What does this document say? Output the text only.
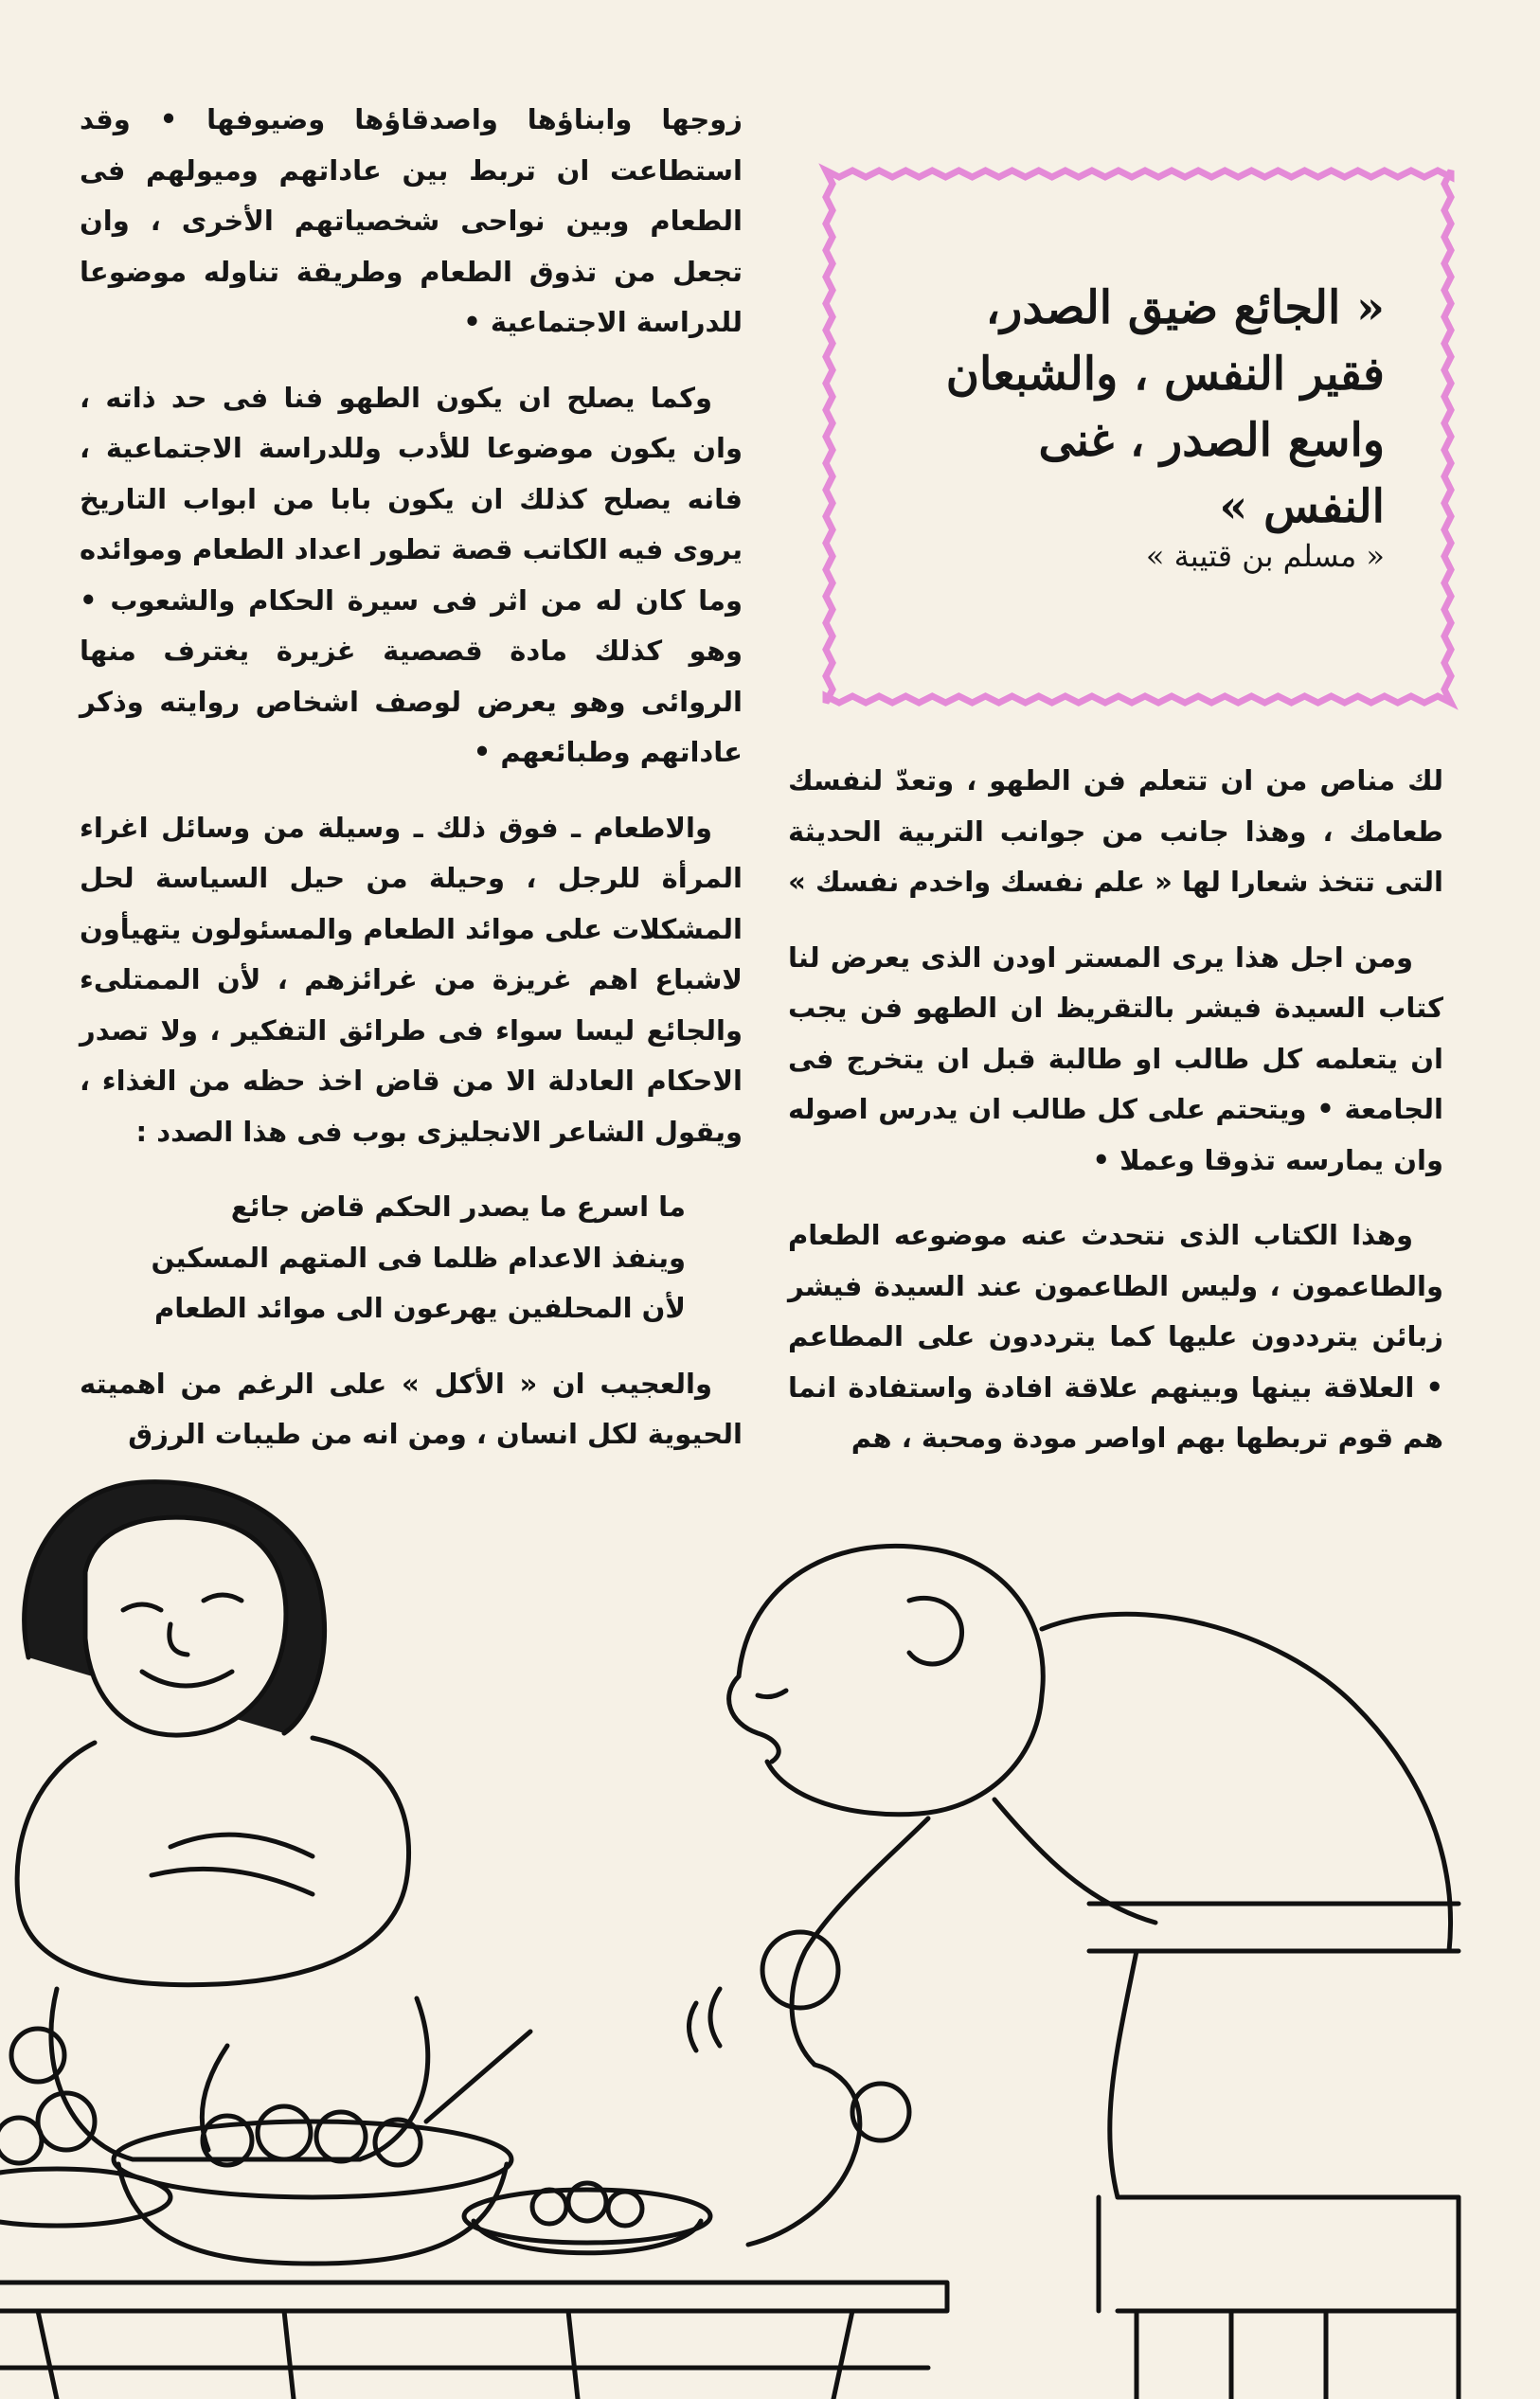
« الجائع ضيق الصدر،
فقير النفس ، والشبعان
واسع الصدر ، غنى
النفس »
« مسلم بن قتيبة »

زوجها وابناؤها واصدقاؤها وضيوفها • وقد استطاعت ان تربط بين عاداتهم وميولهم فى الطعام وبين نواحى شخصياتهم الأخرى ، وان تجعل من تذوق الطعام وطريقة تناوله موضوعا للدراسة الاجتماعية •

وكما يصلح ان يكون الطهو فنا فى حد ذاته ، وان يكون موضوعا للأدب وللدراسة الاجتماعية ، فانه يصلح كذلك ان يكون بابا من ابواب التاريخ يروى فيه الكاتب قصة تطور اعداد الطعام وموائده وما كان له من اثر فى سيرة الحكام والشعوب • وهو كذلك مادة قصصية غزيرة يغترف منها الروائى وهو يعرض لوصف اشخاص روايته وذكر عاداتهم وطبائعهم •

والاطعام ـ فوق ذلك ـ وسيلة من وسائل اغراء المرأة للرجل ، وحيلة من حيل السياسة لحل المشكلات على موائد الطعام والمسئولون يتهيأون لاشباع اهم غريزة من غرائزهم ، لأن الممتلىء والجائع ليسا سواء فى طرائق التفكير ، ولا تصدر الاحكام العادلة الا من قاض اخذ حظه من الغذاء ، ويقول الشاعر الانجليزى بوب فى هذا الصدد :

ما اسرع ما يصدر الحكم قاض جائع
وينفذ الاعدام ظلما فى المتهم المسكين
لأن المحلفين يهرعون الى موائد الطعام

والعجيب ان « الأكل » على الرغم من اهميته الحيوية لكل انسان ، ومن انه من طيبات الرزق

لك مناص من ان تتعلم فن الطهو ، وتعدّ لنفسك طعامك ، وهذا جانب من جوانب التربية الحديثة التى تتخذ شعارا لها « علم نفسك واخدم نفسك »

ومن اجل هذا يرى المستر اودن الذى يعرض لنا كتاب السيدة فيشر بالتقريظ ان الطهو فن يجب ان يتعلمه كل طالب او طالبة قبل ان يتخرج فى الجامعة • ويتحتم على كل طالب ان يدرس اصوله وان يمارسه تذوقا وعملا •

وهذا الكتاب الذى نتحدث عنه موضوعه الطعام والطاعمون ، وليس الطاعمون عند السيدة فيشر زبائن يترددون عليها كما يترددون على المطاعم • العلاقة بينها وبينهم علاقة افادة واستفادة انما هم قوم تربطها بهم اواصر مودة ومحبة ، هم
